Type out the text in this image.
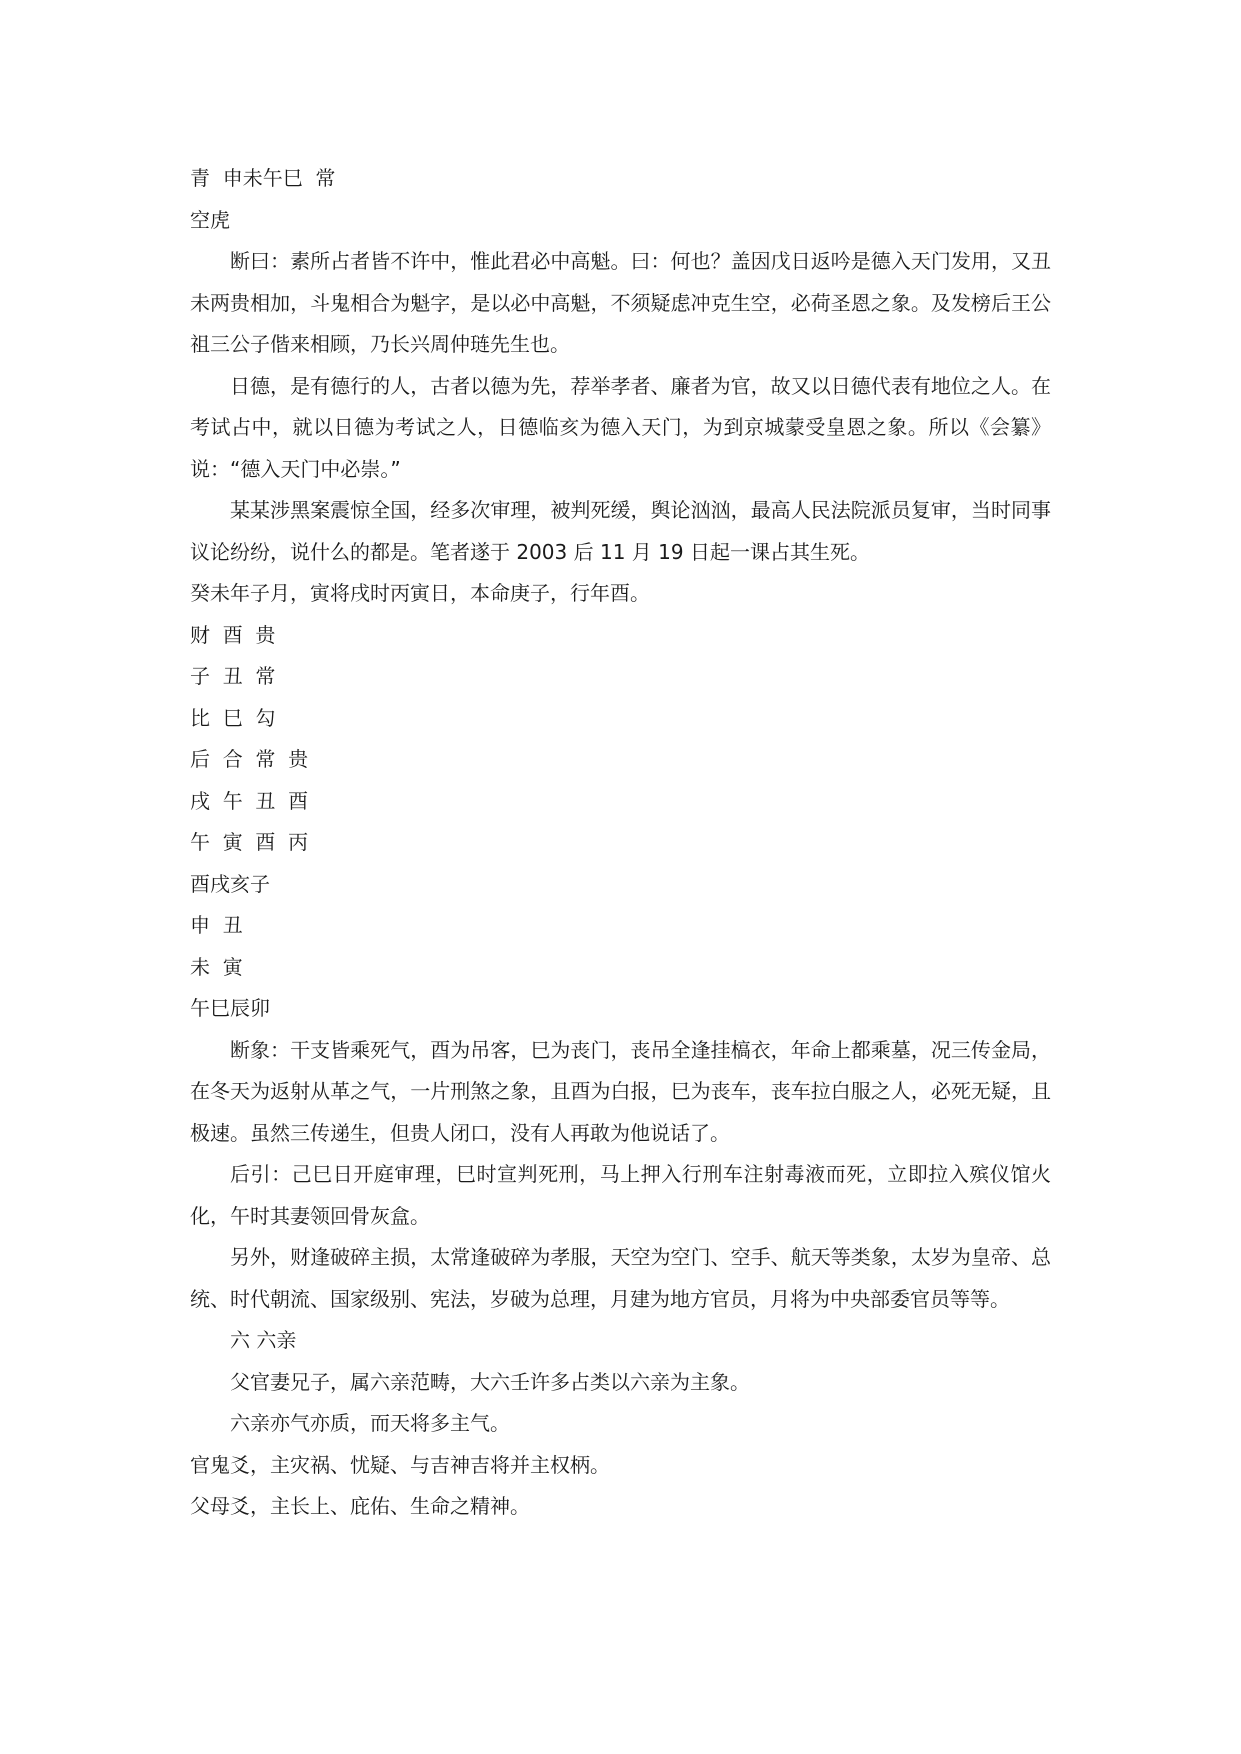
青  申未午巳  常

空虎

断曰：素所占者皆不许中，惟此君必中高魁。曰：何也？盖因戊日返吟是德入天门发用，又丑未两贵相加，斗鬼相合为魁字，是以必中高魁，不须疑虑冲克生空，必荷圣恩之象。及发榜后王公祖三公子偕来相顾，乃长兴周仲琏先生也。

日德，是有德行的人，古者以德为先，荐举孝者、廉者为官，故又以日德代表有地位之人。在考试占中，就以日德为考试之人，日德临亥为德入天门，为到京城蒙受皇恩之象。所以《会纂》说：“德入天门中必崇。”

某某涉黑案震惊全国，经多次审理，被判死缓，舆论汹汹，最高人民法院派员复审，当时同事议论纷纷，说什么的都是。笔者遂于 2003 后 11 月 19 日起一课占其生死。

癸未年子月，寅将戌时丙寅日，本命庚子，行年酉。

财  酉  贵

子  丑  常

比  巳  勾

后  合  常  贵

戌  午  丑  酉

午  寅  酉  丙

酉戌亥子

申  丑

未  寅

午巳辰卯

断象：干支皆乘死气，酉为吊客，巳为丧门，丧吊全逢挂槁衣，年命上都乘墓，况三传金局，在冬天为返射从革之气，一片刑煞之象，且酉为白报，巳为丧车，丧车拉白服之人，必死无疑，且极速。虽然三传递生，但贵人闭口，没有人再敢为他说话了。

后引：己巳日开庭审理，巳时宣判死刑，马上押入行刑车注射毒液而死，立即拉入殡仪馆火化，午时其妻领回骨灰盒。

另外，财逢破碎主损，太常逢破碎为孝服，天空为空门、空手、航天等类象，太岁为皇帝、总统、时代朝流、国家级别、宪法，岁破为总理，月建为地方官员，月将为中央部委官员等等。

六 六亲

父官妻兄子，属六亲范畴，大六壬许多占类以六亲为主象。

六亲亦气亦质，而天将多主气。

官鬼爻，主灾祸、忧疑、与吉神吉将并主权柄。

父母爻，主长上、庇佑、生命之精神。
